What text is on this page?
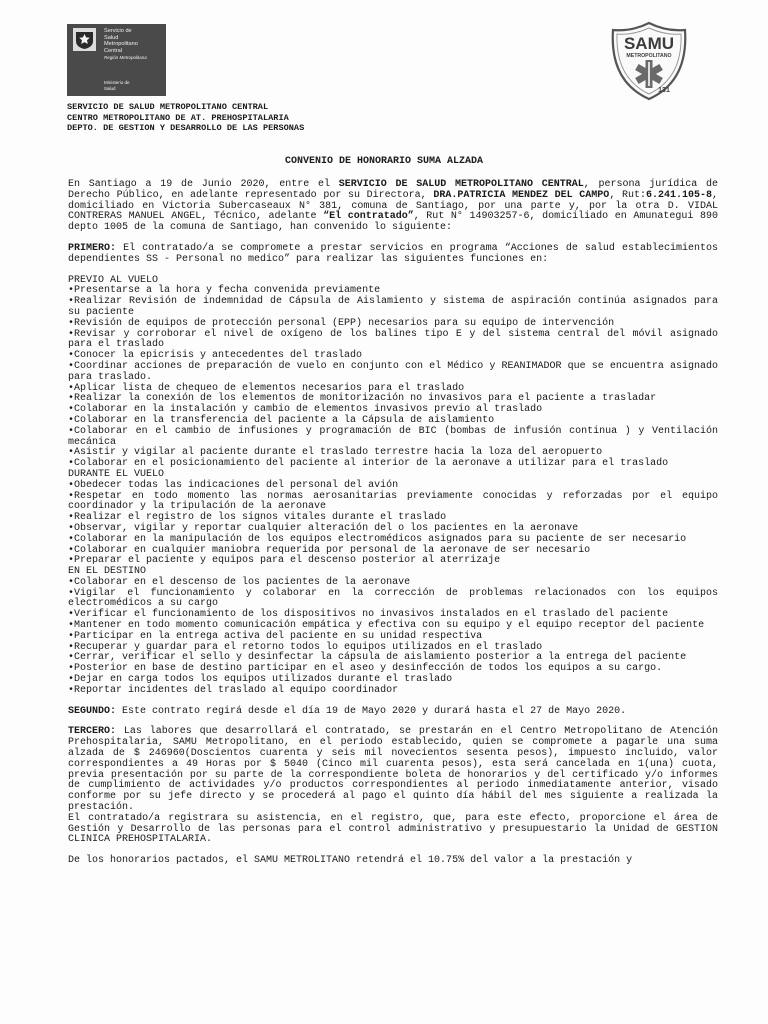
Servicio de
Salud
Metropolitano
Central
Región Metropolitana
Ministerio de
Salud
SAMU
METROPOLITANO
131
SERVICIO DE SALUD METROPOLITANO CENTRAL
CENTRO METROPOLITANO DE AT. PREHOSPITALARIA
DEPTO. DE GESTION Y DESARROLLO DE LAS PERSONAS
CONVENIO DE HONORARIO SUMA ALZADA

En Santiago a 19 de Junio 2020, entre el SERVICIO DE SALUD METROPOLITANO CENTRAL, persona jurídica de Derecho Público, en adelante representado por su Directora, DRA.PATRICIA MENDEZ DEL CAMPO, Rut:6.241.105-8, domiciliado en Victoria Subercaseaux N° 381, comuna de Santiago, por una parte y, por la otra D. VIDAL CONTRERAS MANUEL ANGEL, Técnico, adelante “El contratado”, Rut N° 14903257-6, domiciliado en Amunategui 890 depto 1005 de la comuna de Santiago, han convenido lo siguiente:

PRIMERO: El contratado/a se compromete a prestar servicios en programa “Acciones de salud establecimientos dependientes SS - Personal no medico” para realizar las siguientes funciones en:

PREVIO AL VUELO
• Presentarse a la hora y fecha convenida previamente
• Realizar Revisión de indemnidad de Cápsula de Aislamiento y sistema de aspiración continúa asignados para su paciente
• Revisión de equipos de protección personal (EPP) necesarios para su equipo de intervención
• Revisar y corroborar el nivel de oxígeno de los balines tipo E y del sistema central del móvil asignado para el traslado
• Conocer la epicrisis y antecedentes del traslado
• Coordinar acciones de preparación de vuelo en conjunto con el Médico y REANIMADOR que se encuentra asignado para traslado.
• Aplicar lista de chequeo de elementos necesarios para el traslado
• Realizar la conexión de los elementos de monitorización no invasivos para el paciente a trasladar
• Colaborar en la instalación y cambio de elementos invasivos previo al traslado
• Colaborar en la transferencia del paciente a la Cápsula de aislamiento
• Colaborar en el cambio de infusiones y programación de BIC (bombas de infusión continua ) y Ventilación mecánica
• Asistir y vigilar al paciente durante el traslado terrestre hacia la loza del aeropuerto
• Colaborar en el posicionamiento del paciente al interior de la aeronave a utilizar para el traslado
DURANTE EL VUELO
• Obedecer todas las indicaciones del personal del avión
• Respetar en todo momento las normas aerosanitarias previamente conocidas y reforzadas por el equipo coordinador y la tripulación de la aeronave
• Realizar el registro de los signos vitales durante el traslado
• Observar, vigilar y reportar cualquier alteración del o los pacientes en la aeronave
• Colaborar en la manipulación de los equipos electromédicos asignados para su paciente de ser necesario
• Colaborar en cualquier maniobra requerida por personal de la aeronave de ser necesario
• Preparar el paciente y equipos para el descenso posterior al aterrizaje
EN EL DESTINO
• Colaborar en el descenso de los pacientes de la aeronave
• Vigilar el funcionamiento y colaborar en la corrección de problemas relacionados con los equipos electromédicos a su cargo
• Verificar el funcionamiento de los dispositivos no invasivos instalados en el traslado del paciente
• Mantener en todo momento comunicación empática y efectiva con su equipo y el equipo receptor del paciente
• Participar en la entrega activa del paciente en su unidad respectiva
• Recuperar y guardar para el retorno todos lo equipos utilizados en el traslado
• Cerrar, verificar el sello y desinfectar la cápsula de aislamiento posterior a la entrega del paciente
• Posterior en base de destino participar en el aseo y desinfección de todos los equipos a su cargo.
• Dejar en carga todos los equipos utilizados durante el traslado
• Reportar incidentes del traslado al equipo coordinador

SEGUNDO: Este contrato regirá desde el día 19 de Mayo 2020 y durará hasta el 27 de Mayo 2020.

TERCERO: Las labores que desarrollará el contratado, se prestarán en el Centro Metropolitano de Atención Prehospitalaria, SAMU Metropolitano, en el periodo establecido, quien se compromete a pagarle una suma alzada de $ 246960(Doscientos cuarenta y seis mil novecientos sesenta pesos), impuesto incluido, valor correspondientes a 49 Horas por $ 5040 (Cinco mil cuarenta pesos), esta será cancelada en 1(una) cuota, previa presentación por su parte de la correspondiente boleta de honorarios y del certificado y/o informes de cumplimiento de actividades y/o productos correspondientes al periodo inmediatamente anterior, visado conforme por su jefe directo y se procederá al pago el quinto día hábil del mes siguiente a realizada la prestación.

El contratado/a registrara su asistencia, en el registro, que, para este efecto, proporcione el área de Gestión y Desarrollo de las personas para el control administrativo y presupuestario la Unidad de GESTION CLINICA PREHOSPITALARIA.

De los honorarios pactados, el SAMU METROLITANO retendrá el 10.75% del valor a la prestación y
